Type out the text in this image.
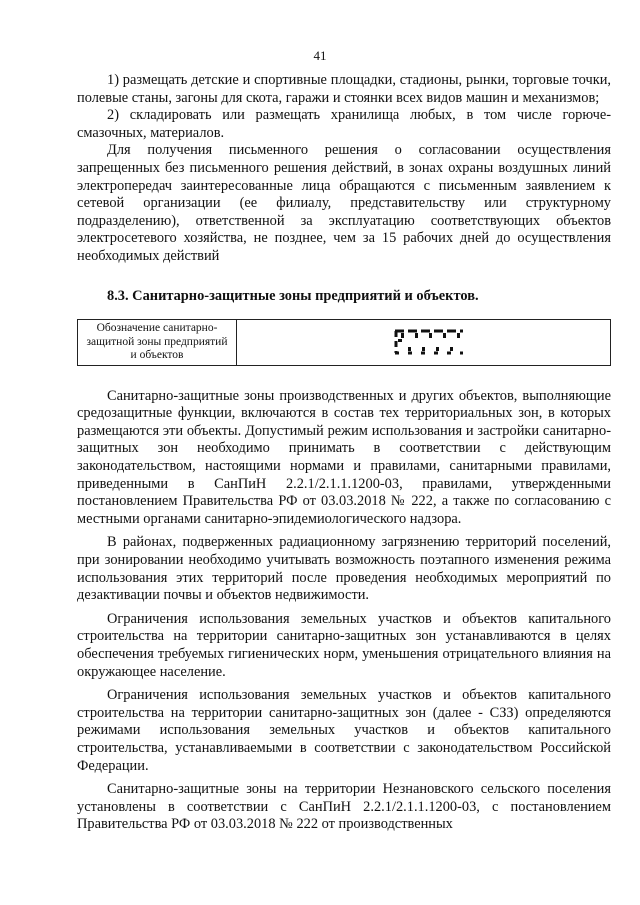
41

1) размещать детские и спортивные площадки, стадионы, рынки, торговые точки, полевые станы, загоны для скота, гаражи и стоянки всех видов машин и механизмов;

2) складировать или размещать хранилища любых, в том числе горюче-смазочных, материалов.

Для получения письменного решения о согласовании осуществления запрещенных без письменного решения действий, в зонах охраны воздушных линий электропередач заинтересованные лица обращаются с письменным заявлением к сетевой организации (ее филиалу, представительству или структурному подразделению), ответственной за эксплуатацию соответствующих объектов электросетевого хозяйства, не позднее, чем за 15 рабочих дней до осуществления необходимых действий

8.3. Санитарно-защитные зоны предприятий и объектов.
Обозначение санитарно-защитной зоны предприятий и объектов	

Санитарно-защитные зоны производственных и других объектов, выполняющие средозащитные функции, включаются в состав тех территориальных зон, в которых размещаются эти объекты. Допустимый режим использования и застройки санитарно-защитных зон необходимо принимать в соответствии с действующим законодательством, настоящими нормами и правилами, санитарными правилами, приведенными в СанПиН 2.2.1/2.1.1.1200-03, правилами, утвержденными постановлением Правительства РФ от 03.03.2018 № 222, а также по согласованию с местными органами санитарно-эпидемиологического надзора.

В районах, подверженных радиационному загрязнению территорий поселений, при зонировании необходимо учитывать возможность поэтапного изменения режима использования этих территорий после проведения необходимых мероприятий по дезактивации почвы и объектов недвижимости.

Ограничения использования земельных участков и объектов капитального строительства на территории санитарно-защитных зон устанавливаются в целях обеспечения требуемых гигиенических норм, уменьшения отрицательного влияния на окружающее население.

Ограничения использования земельных участков и объектов капитального строительства на территории санитарно-защитных зон (далее - СЗЗ) определяются режимами использования земельных участков и объектов капитального строительства, устанавливаемыми в соответствии с законодательством Российской Федерации.

Санитарно-защитные зоны на территории Незнановского сельского поселения установлены в соответствии с СанПиН 2.2.1/2.1.1.1200-03, с постановлением Правительства РФ от 03.03.2018 № 222 от производственных
